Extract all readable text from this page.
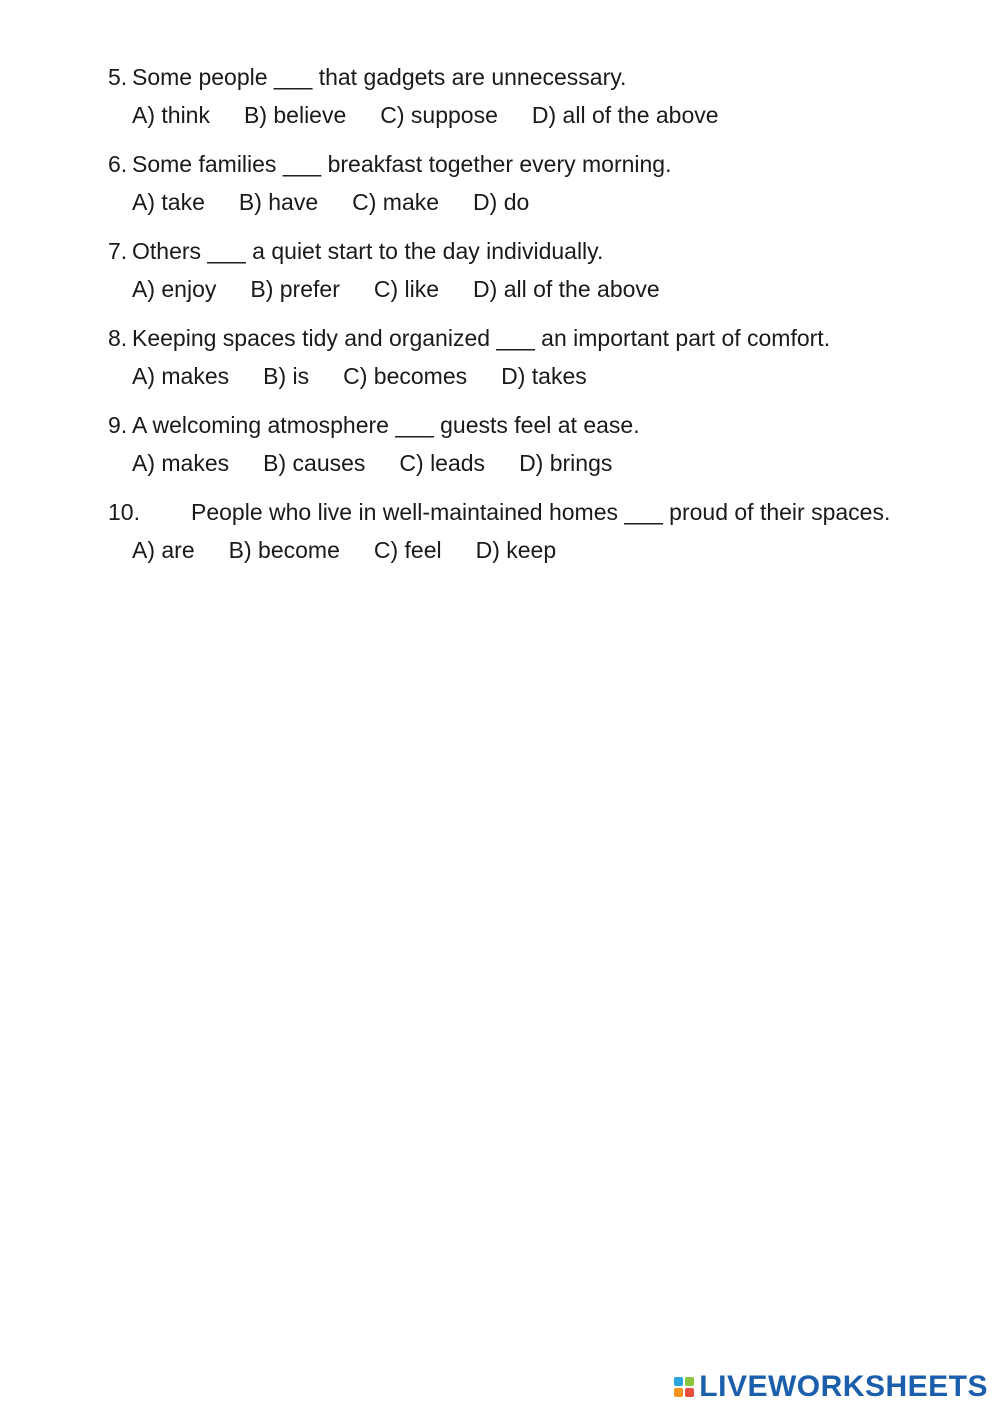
5. Some people ___ that gadgets are unnecessary.
A) think B) believe C) suppose D) all of the above
6. Some families ___ breakfast together every morning.
A) take B) have C) make D) do
7. Others ___ a quiet start to the day individually.
A) enjoy B) prefer C) like D) all of the above
8. Keeping spaces tidy and organized ___ an important part of comfort.
A) makes B) is C) becomes D) takes
9. A welcoming atmosphere ___ guests feel at ease.
A) makes B) causes C) leads D) brings
10.	People who live in well-maintained homes ___ proud of their spaces.
A) are B) become C) feel D) keep
LIVEWORKSHEETS
